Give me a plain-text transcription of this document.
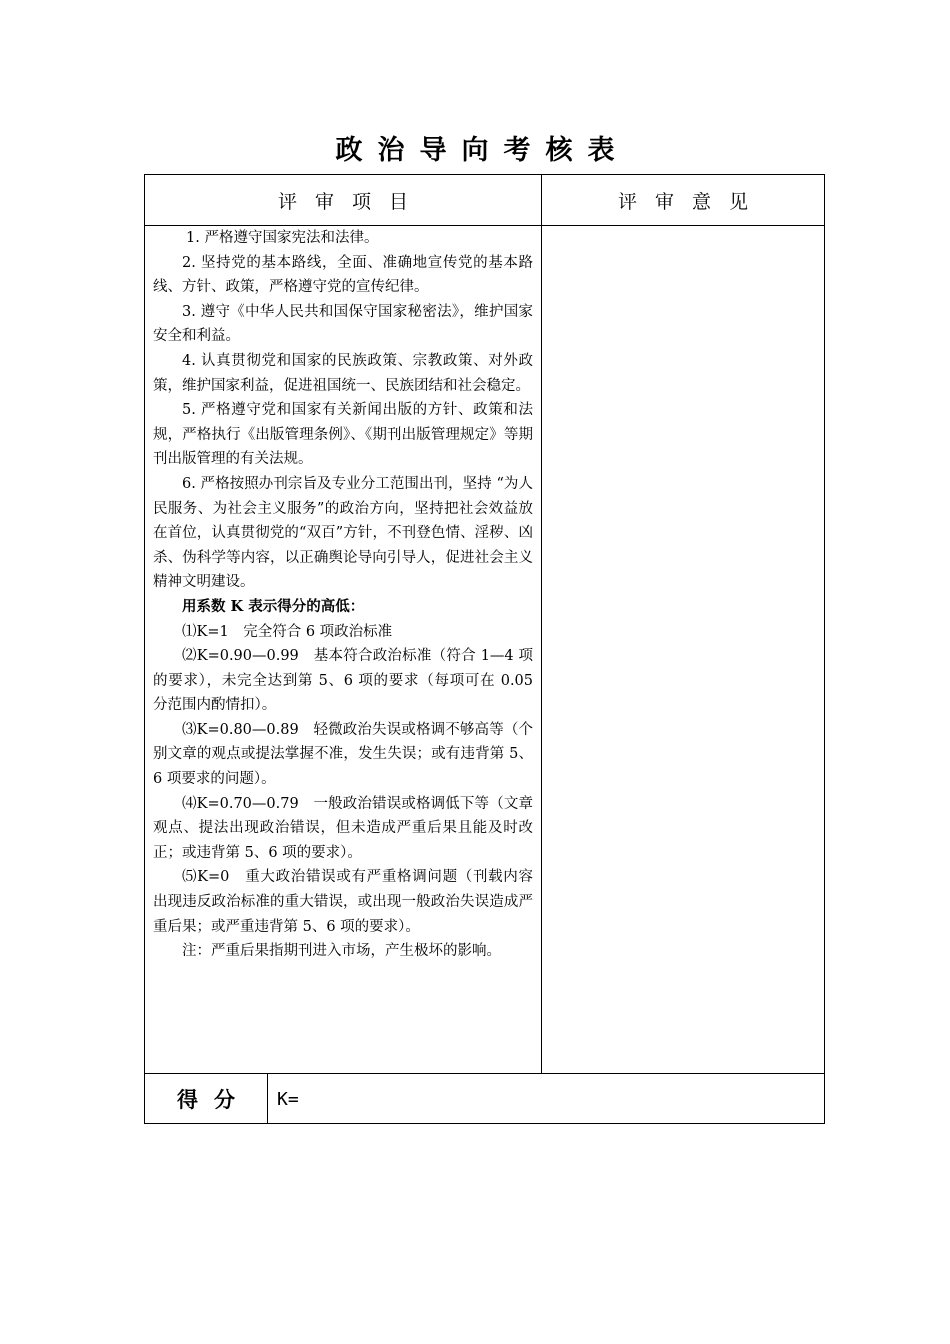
政治导向考核表
评审项目	评审意见

1. 严格遵守国家宪法和法律。

2. 坚持党的基本路线，全面、准确地宣传党的基本路线、方针、政策，严格遵守党的宣传纪律。

3. 遵守《中华人民共和国保守国家秘密法》，维护国家安全和利益。

4. 认真贯彻党和国家的民族政策、宗教政策、对外政策，维护国家利益，促进祖国统一、民族团结和社会稳定。

5. 严格遵守党和国家有关新闻出版的方针、政策和法规，严格执行《出版管理条例》、《期刊出版管理规定》等期刊出版管理的有关法规。

6. 严格按照办刊宗旨及专业分工范围出刊，坚持 “为人民服务、为社会主义服务”的政治方向，坚持把社会效益放在首位，认真贯彻党的“双百”方针，不刊登色情、淫秽、凶杀、伪科学等内容，以正确舆论导向引导人，促进社会主义精神文明建设。

用系数 K 表示得分的高低：

⑴K=1　完全符合 6 项政治标准

⑵K=0.90—0.99　基本符合政治标准（符合 1—4 项的要求），未完全达到第 5、6 项的要求（每项可在 0.05 分范围内酌情扣）。

⑶K=0.80—0.89　轻微政治失误或格调不够高等（个别文章的观点或提法掌握不准，发生失误；或有违背第 5、6 项要求的问题）。

⑷K=0.70—0.79　一般政治错误或格调低下等（文章观点、提法出现政治错误，但未造成严重后果且能及时改正；或违背第 5、6 项的要求）。

⑸K=0　重大政治错误或有严重格调问题（刊载内容出现违反政治标准的重大错误，或出现一般政治失误造成严重后果；或严重违背第 5、6 项的要求）。

注：严重后果指期刊进入市场，产生极坏的影响。

得分	K=
